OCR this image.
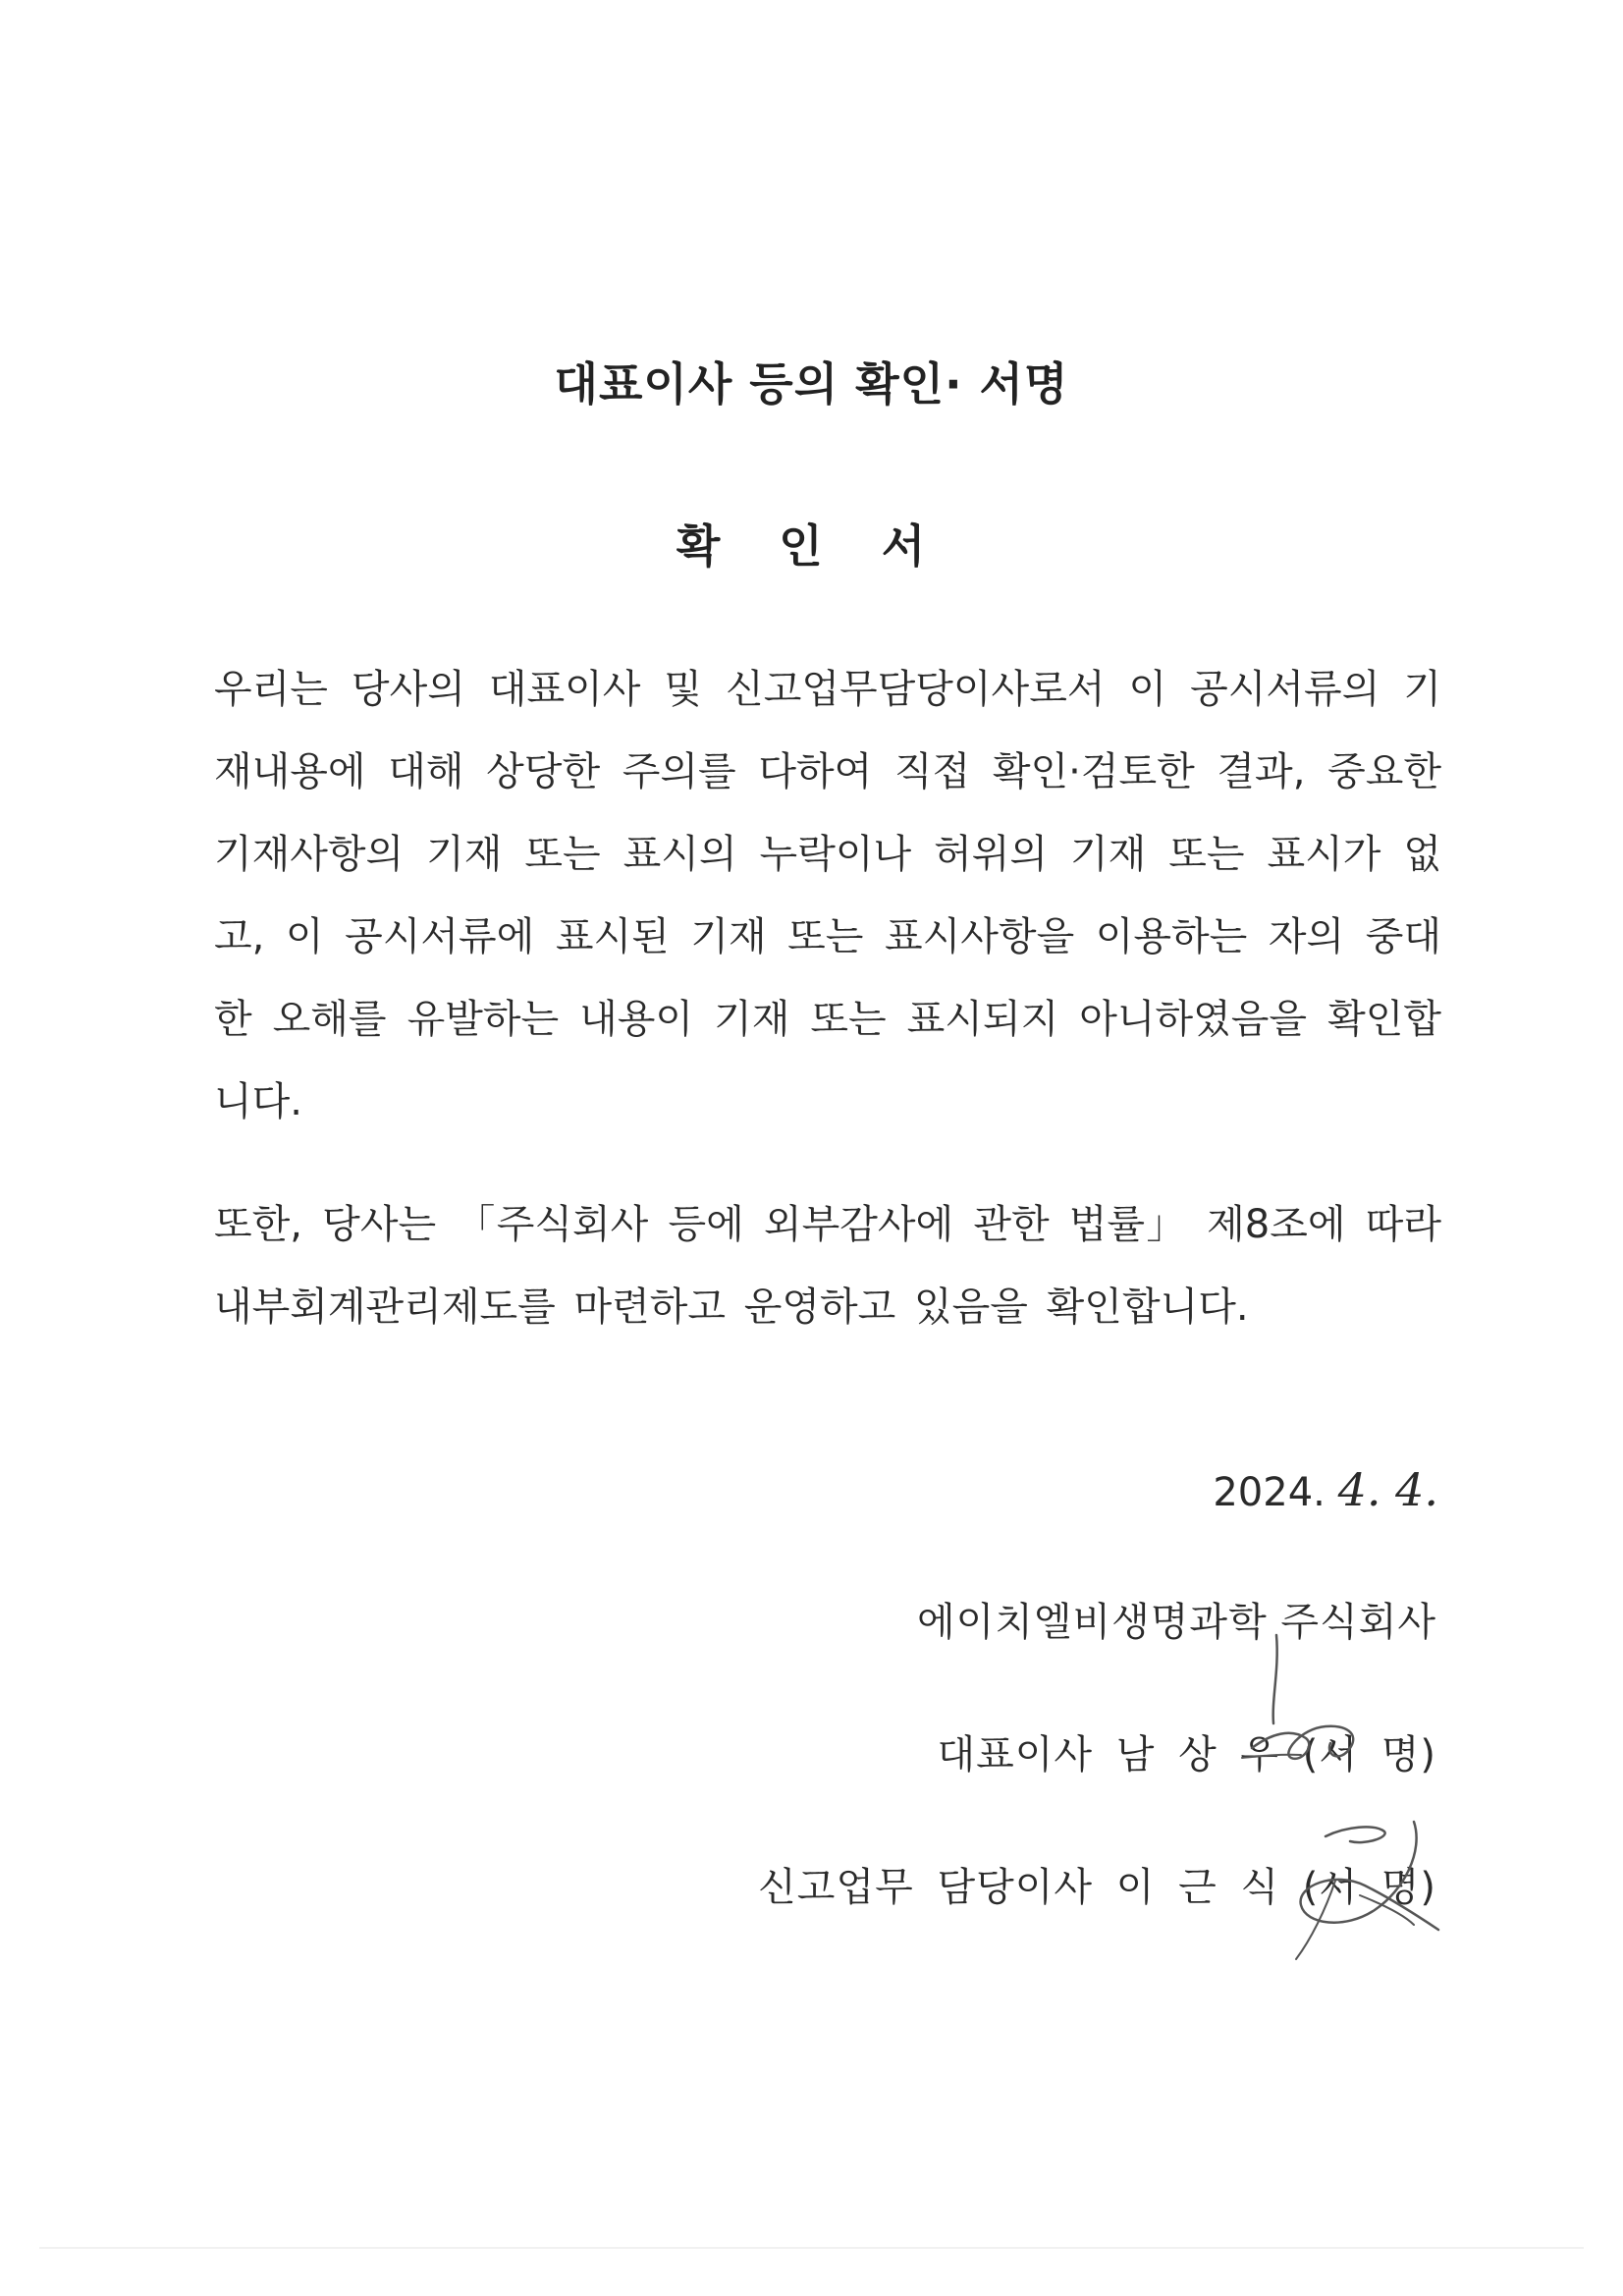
대표이사 등의 확인· 서명
확 인 서
우리는 당사의 대표이사 및 신고업무담당이사로서 이 공시서류의 기재내용에 대해 상당한 주의를 다하여 직접 확인·검토한 결과, 중요한 기재사항의 기재 또는 표시의 누락이나 허위의 기재 또는 표시가 없고, 이 공시서류에 표시된 기재 또는 표시사항을 이용하는 자의 중대한 오해를 유발하는 내용이 기재 또는 표시되지 아니하였음을 확인합니다.
또한, 당사는 「주식회사 등에 외부감사에 관한 법률」 제8조에 따라 내부회계관리제도를 마련하고 운영하고 있음을 확인합니다.
2024. 4. 4.
에이치엘비생명과학 주식회사
대표이사 남 상 우 (서 명)
신고업무 담당이사 이 근 식 (서 명)
